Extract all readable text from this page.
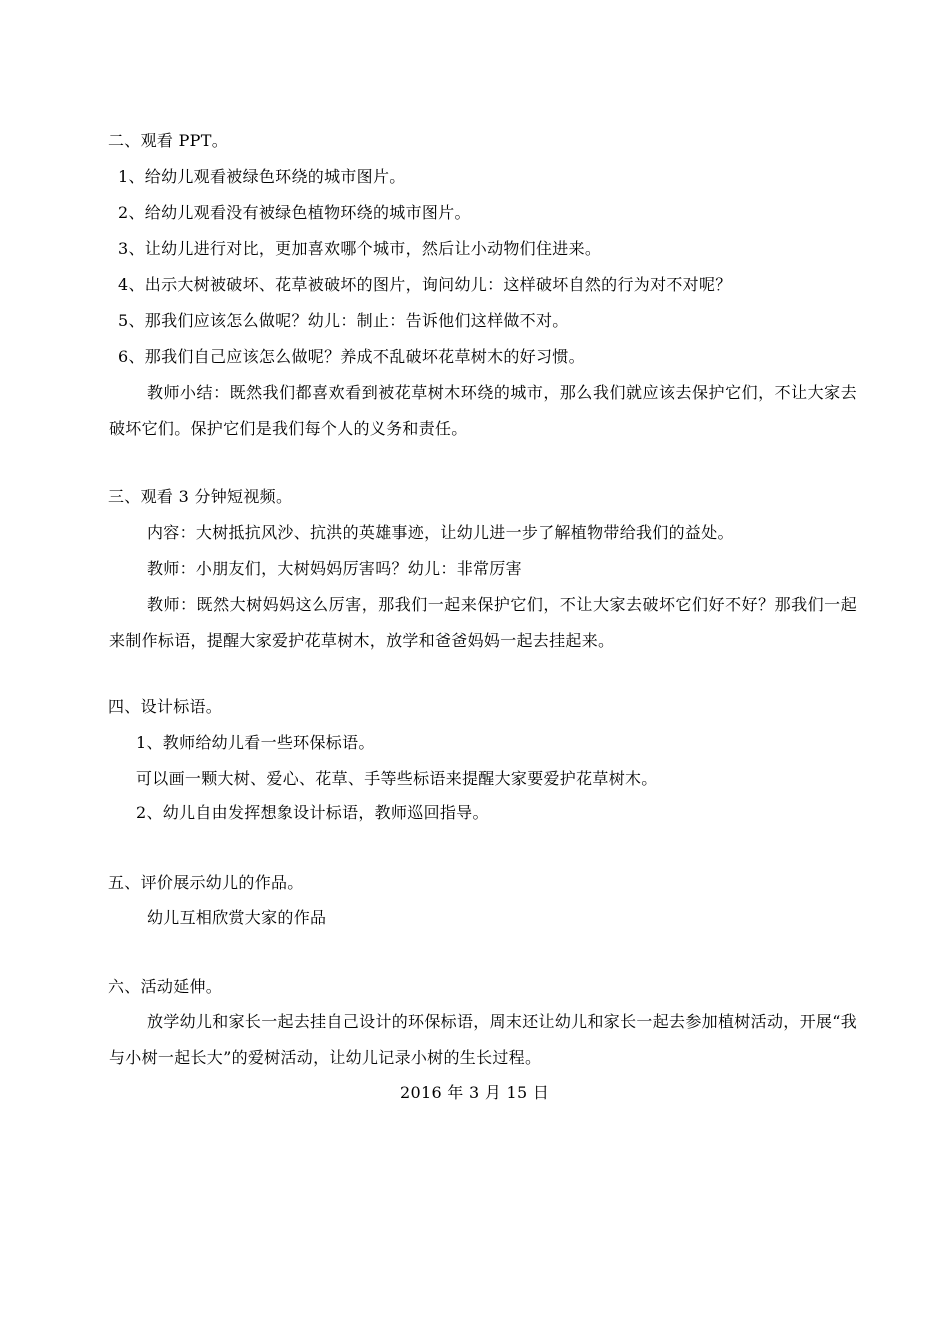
二、观看 PPT。
1、给幼儿观看被绿色环绕的城市图片。
2、给幼儿观看没有被绿色植物环绕的城市图片。
3、让幼儿进行对比，更加喜欢哪个城市，然后让小动物们住进来。
4、出示大树被破坏、花草被破坏的图片，询问幼儿：这样破坏自然的行为对不对呢？
5、那我们应该怎么做呢？幼儿：制止：告诉他们这样做不对。
6、那我们自己应该怎么做呢？养成不乱破坏花草树木的好习惯。
教师小结：既然我们都喜欢看到被花草树木环绕的城市，那么我们就应该去保护它们，不让大家去破坏它们。保护它们是我们每个人的义务和责任。
三、观看 3 分钟短视频。
内容：大树抵抗风沙、抗洪的英雄事迹，让幼儿进一步了解植物带给我们的益处。
教师：小朋友们，大树妈妈厉害吗？幼儿：非常厉害
教师：既然大树妈妈这么厉害，那我们一起来保护它们，不让大家去破坏它们好不好？那我们一起来制作标语，提醒大家爱护花草树木，放学和爸爸妈妈一起去挂起来。
四、设计标语。
1、教师给幼儿看一些环保标语。
可以画一颗大树、爱心、花草、手等些标语来提醒大家要爱护花草树木。
2、幼儿自由发挥想象设计标语，教师巡回指导。
五、评价展示幼儿的作品。
幼儿互相欣赏大家的作品
六、活动延伸。
放学幼儿和家长一起去挂自己设计的环保标语，周末还让幼儿和家长一起去参加植树活动，开展“我与小树一起长大”的爱树活动，让幼儿记录小树的生长过程。
2016 年 3 月 15 日
